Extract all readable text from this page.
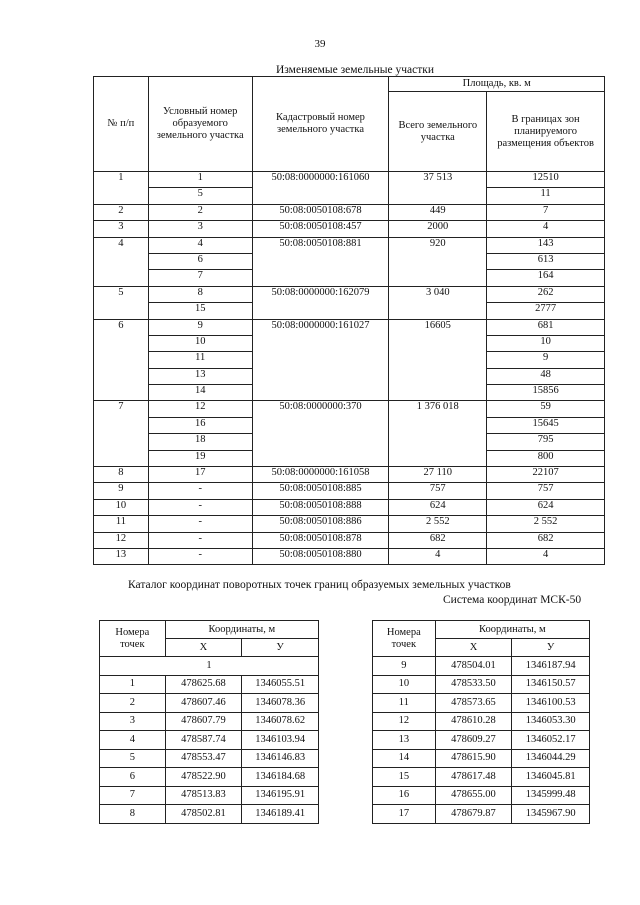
39
Изменяемые земельные участки
№ п/п	Условный номер образуемого земельного участка	Кадастровый номер земельного участка	Площадь, кв. м	
			Всего земельного участка	В границах зон планируемого размещения объектов
1	1	50:08:0000000:161060	37 513	12510
	5			11
2	2	50:08:0050108:678	449	7
3	3	50:08:0050108:457	2000	4
4	4	50:08:0050108:881	920	143
	6			613
	7			164
5	8	50:08:0000000:162079	3 040	262
	15			2777
6	9	50:08:0000000:161027	16605	681
	10			10
	11			9
	13			48
	14			15856
7	12	50:08:0000000:370	1 376 018	59
	16			15645
	18			795
	19			800
8	17	50:08:0000000:161058	27 110	22107
9	-	50:08:0050108:885	757	757
10	-	50:08:0050108:888	624	624
11	-	50:08:0050108:886	2 552	2 552
12	-	50:08:0050108:878	682	682
13	-	50:08:0050108:880	4	4
Каталог координат поворотных точек границ образуемых земельных участков
Система координат МСК-50
Номера точек	Координаты, м	
	X	У
1		
1	478625.68	1346055.51
2	478607.46	1346078.36
3	478607.79	1346078.62
4	478587.74	1346103.94
5	478553.47	1346146.83
6	478522.90	1346184.68
7	478513.83	1346195.91
8	478502.81	1346189.41
Номера точек	Координаты, м	
	X	У
9	478504.01	1346187.94
10	478533.50	1346150.57
11	478573.65	1346100.53
12	478610.28	1346053.30
13	478609.27	1346052.17
14	478615.90	1346044.29
15	478617.48	1346045.81
16	478655.00	1345999.48
17	478679.87	1345967.90
